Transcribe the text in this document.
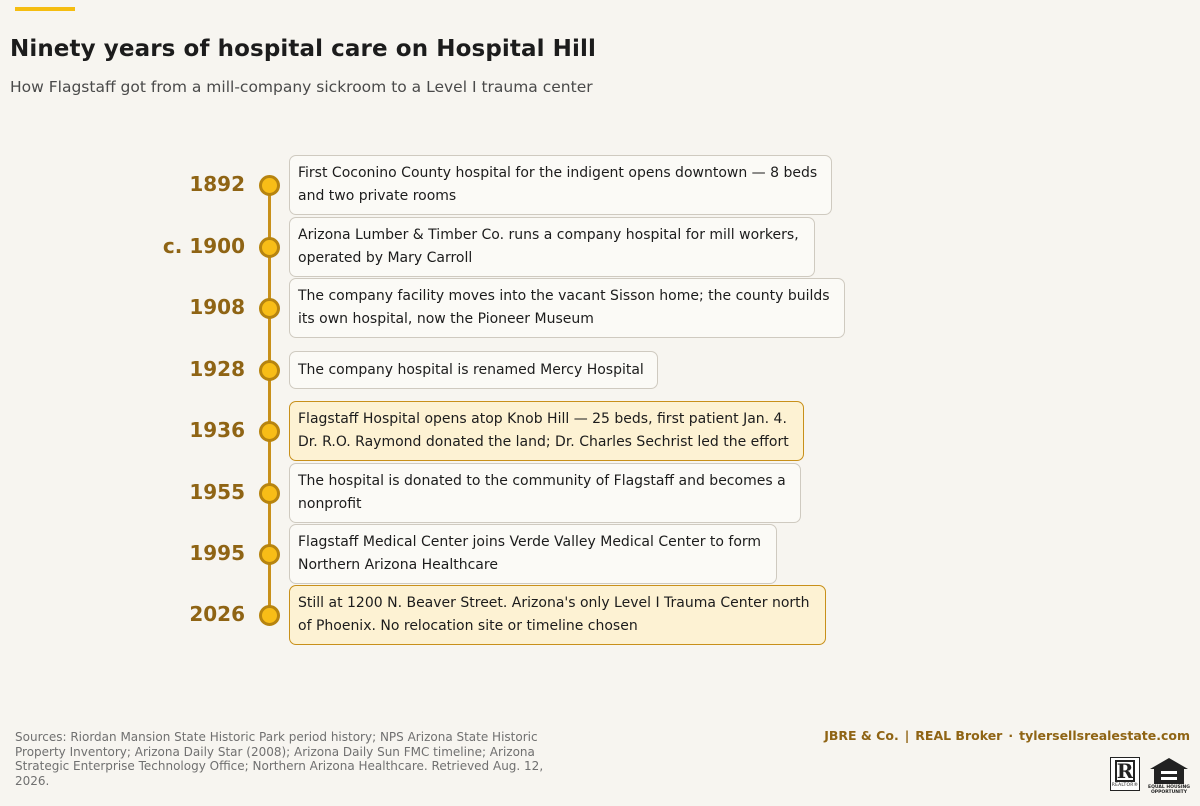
Ninety years of hospital care on Hospital Hill
How Flagstaff got from a mill-company sickroom to a Level I trauma center
1892	First Coconino County hospital for the indigent opens downtown — 8 beds
and two private rooms
c. 1900	Arizona Lumber & Timber Co. runs a company hospital for mill workers,
operated by Mary Carroll
1908	The company facility moves into the vacant Sisson home; the county builds
its own hospital, now the Pioneer Museum
1928	The company hospital is renamed Mercy Hospital
1936	Flagstaff Hospital opens atop Knob Hill — 25 beds, first patient Jan. 4.
Dr. R.O. Raymond donated the land; Dr. Charles Sechrist led the effort
1955	The hospital is donated to the community of Flagstaff and becomes a
nonprofit
1995	Flagstaff Medical Center joins Verde Valley Medical Center to form
Northern Arizona Healthcare
2026	Still at 1200 N. Beaver Street. Arizona's only Level I Trauma Center north
of Phoenix. No relocation site or timeline chosen
Sources: Riordan Mansion State Historic Park period history; NPS Arizona State Historic Property Inventory; Arizona Daily Star (2008); Arizona Daily Sun FMC timeline; Arizona Strategic Enterprise Technology Office; Northern Arizona Healthcare. Retrieved Aug. 12, 2026.
JBRE & Co. | REAL Broker · tylersellsrealestate.com
R
REALTOR® EQUAL HOUSING
OPPORTUNITY
